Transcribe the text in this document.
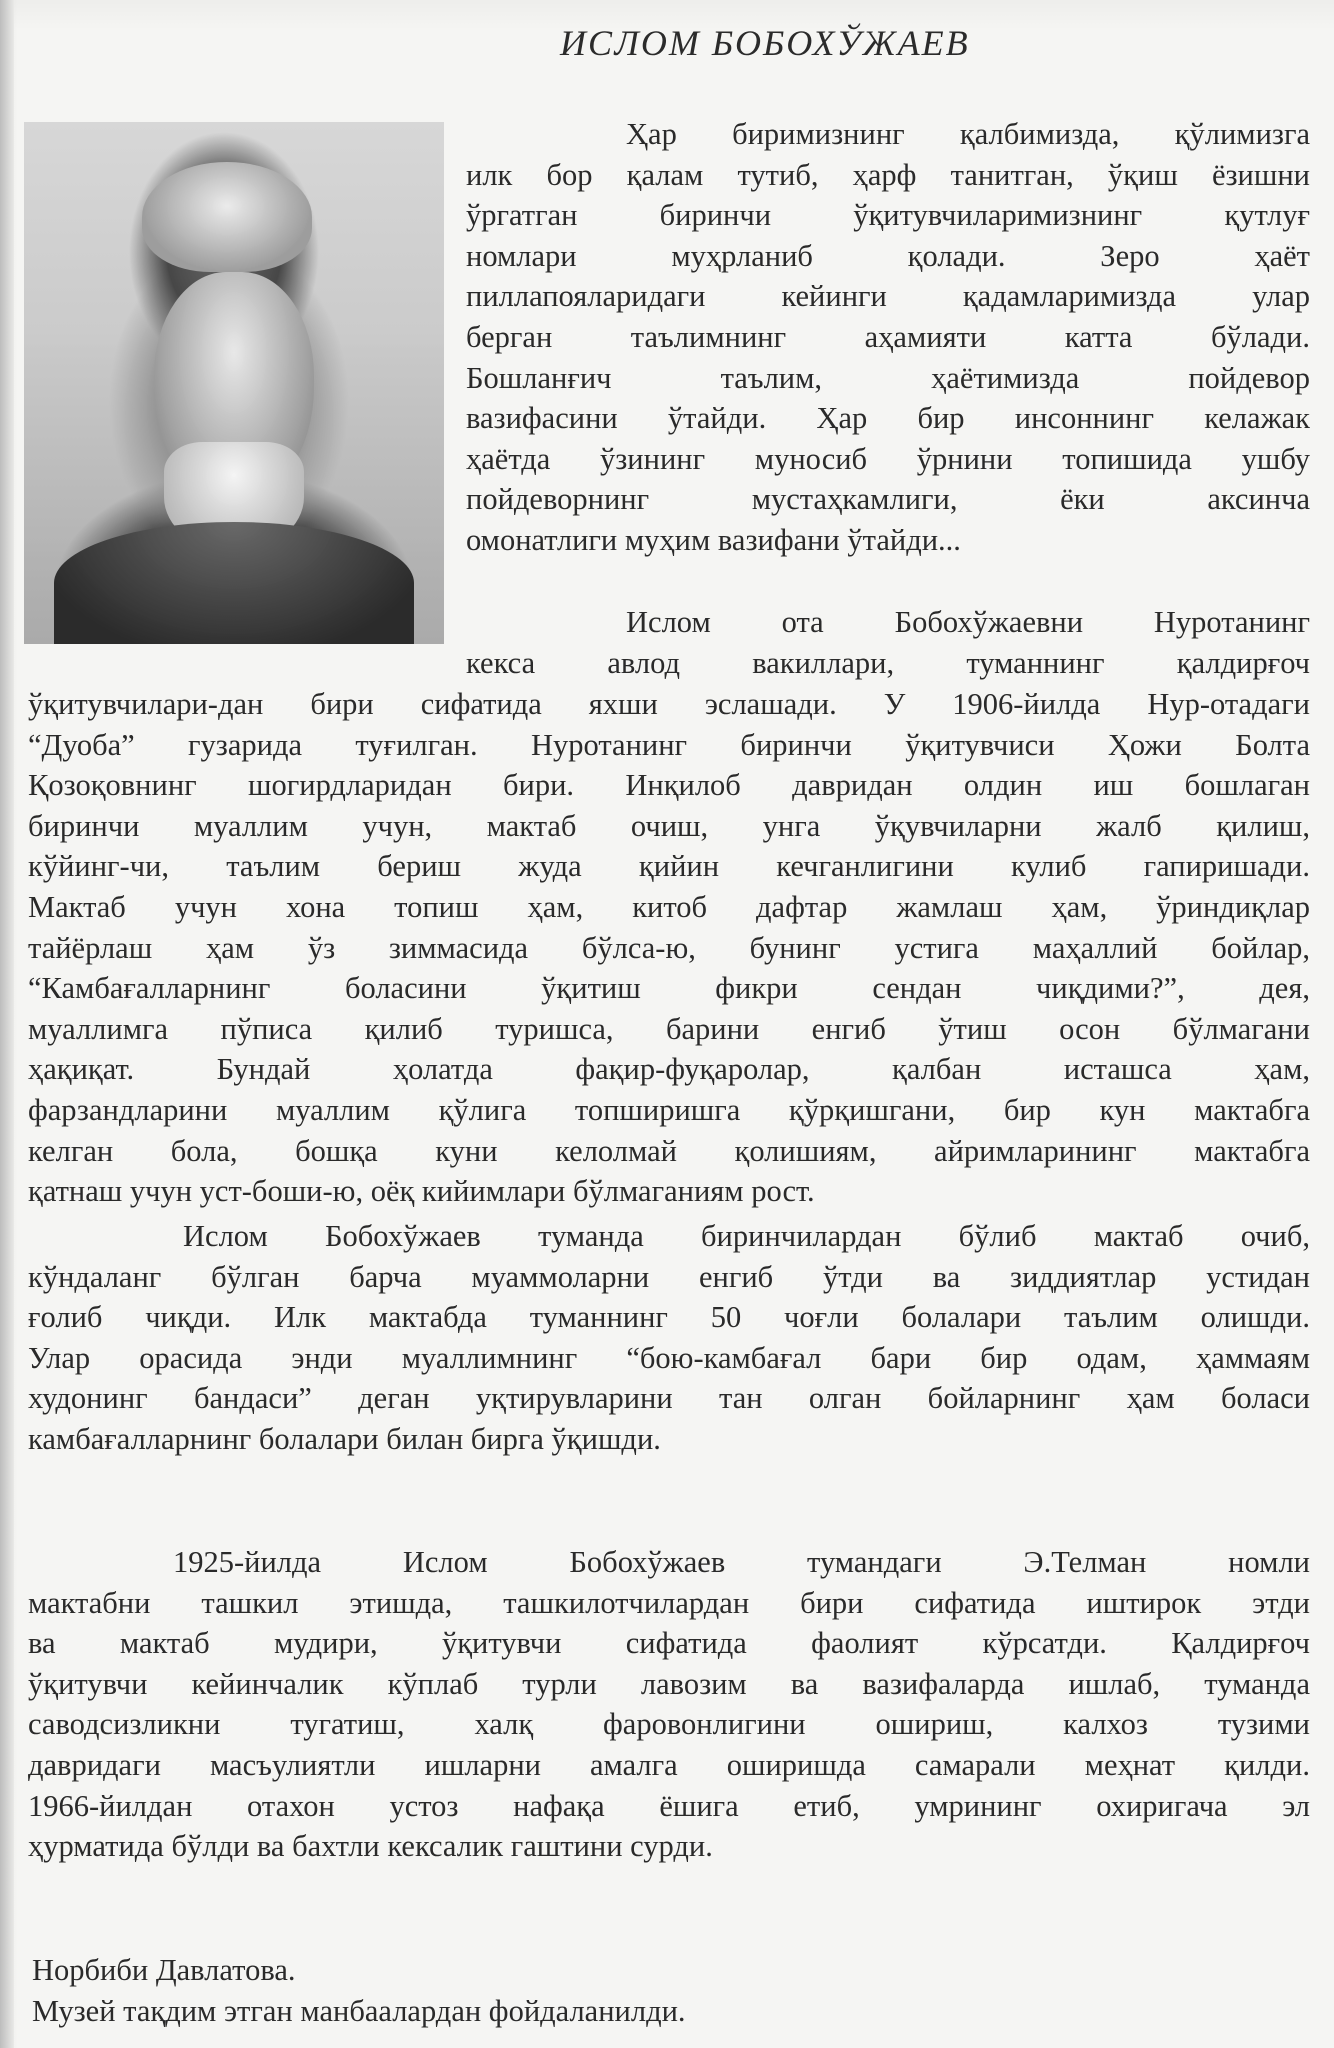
ИСЛОМ БОБОХЎЖАЕВ
Ҳар биримизнинг қалбимизда, қўлимизга
илк бор қалам тутиб, ҳарф танитган, ўқиш ёзишни
ўргатган биринчи ўқитувчиларимизнинг қутлуғ
номлари муҳрланиб қолади. Зеро ҳаёт
пиллапояларидаги кейинги қадамларимизда улар
берган таълимнинг аҳамияти катта бўлади.
Бошланғич таълим, ҳаётимизда пойдевор
вазифасини ўтайди. Ҳар бир инсоннинг келажак
ҳаётда ўзининг муносиб ўрнини топишида ушбу
пойдеворнинг мустаҳкамлиги, ёки аксинча
омонатлиги муҳим вазифани ўтайди...
Ислом ота Бобохўжаевни Нуротанинг
кекса авлод вакиллари, туманнинг қалдирғоч
ўқитувчилари-дан бири сифатида яхши эслашади. У 1906-йилда Нур-отадаги
“Дуоба” гузарида туғилган. Нуротанинг биринчи ўқитувчиси Ҳожи Болта
Қозоқовнинг шогирдларидан бири. Инқилоб давридан олдин иш бошлаган
биринчи муаллим учун, мактаб очиш, унга ўқувчиларни жалб қилиш,
кўйинг-чи, таълим бериш жуда қийин кечганлигини кулиб гапиришади.
Мактаб учун хона топиш ҳам, китоб дафтар жамлаш ҳам, ўриндиқлар
тайёрлаш ҳам ўз зиммасида бўлса-ю, бунинг устига маҳаллий бойлар,
“Камбағалларнинг боласини ўқитиш фикри сендан чиқдими?”, дея,
муаллимга пўписа қилиб туришса, барини енгиб ўтиш осон бўлмагани
ҳақиқат. Бундай ҳолатда фақир-фуқаролар, қалбан исташса ҳам,
фарзандларини муаллим қўлига топширишга қўрқишгани, бир кун мактабга
келган бола, бошқа куни келолмай қолишиям, айримларининг мактабга
қатнаш учун уст-боши-ю, оёқ кийимлари бўлмаганиям рост.
Ислом Бобохўжаев туманда биринчилардан бўлиб мактаб очиб,
кўндаланг бўлган барча муаммоларни енгиб ўтди ва зиддиятлар устидан
ғолиб чиқди. Илк мактабда туманнинг 50 чоғли болалари таълим олишди.
Улар орасида энди муаллимнинг “бою-камбағал бари бир одам, ҳаммаям
худонинг бандаси” деган уқтирувларини тан олган бойларнинг ҳам боласи
камбағалларнинг болалари билан бирга ўқишди.
1925-йилда Ислом Бобохўжаев тумандаги Э.Телман номли
мактабни ташкил этишда, ташкилотчилардан бири сифатида иштирок этди
ва мактаб мудири, ўқитувчи сифатида фаолият кўрсатди. Қалдирғоч
ўқитувчи кейинчалик кўплаб турли лавозим ва вазифаларда ишлаб, туманда
саводсизликни тугатиш, халқ фаровонлигини ошириш, калхоз тузими
давридаги масъулиятли ишларни амалга оширишда самарали меҳнат қилди.
1966-йилдан отахон устоз нафақа ёшига етиб, умрининг охиригача эл
ҳурматида бўлди ва бахтли кексалик гаштини сурди.
Норбиби Давлатова.
Музей тақдим этган манбаалардан фойдаланилди.
